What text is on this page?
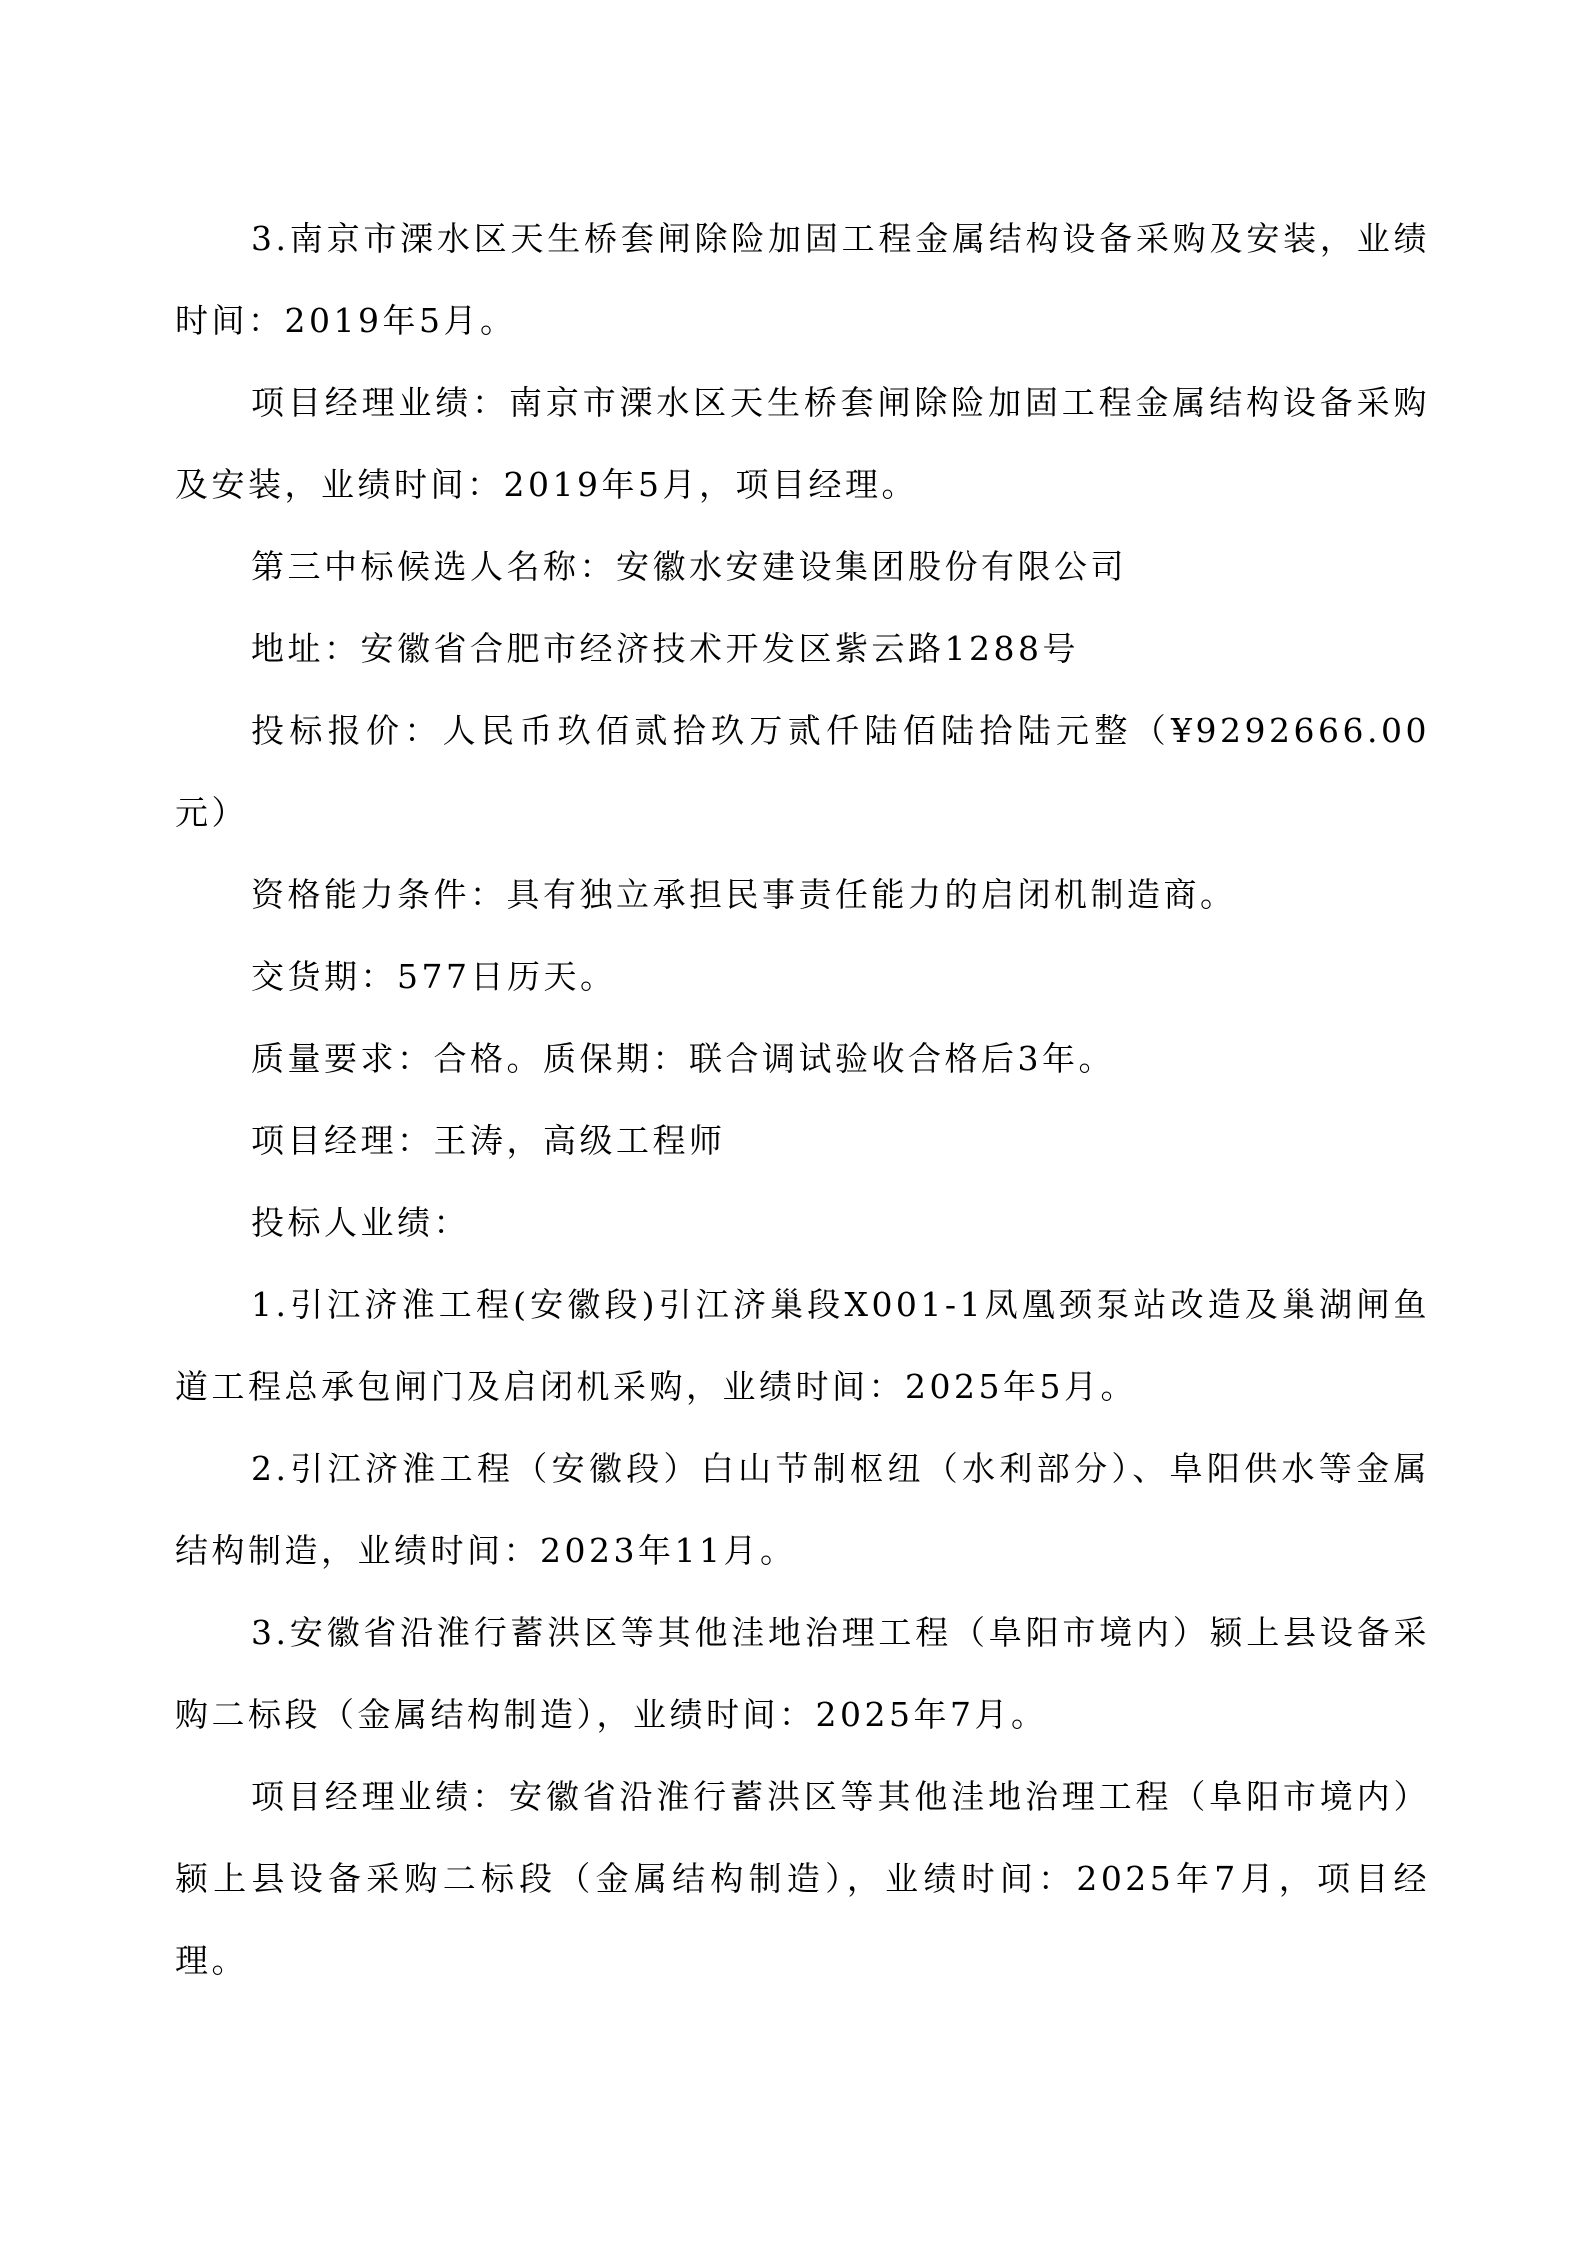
3.南京市溧水区天生桥套闸除险加固工程金属结构设备采购及安装，业绩时间：2019年5月。

项目经理业绩：南京市溧水区天生桥套闸除险加固工程金属结构设备采购及安装，业绩时间：2019年5月，项目经理。

第三中标候选人名称：安徽水安建设集团股份有限公司

地址：安徽省合肥市经济技术开发区紫云路1288号

投标报价：人民币玖佰贰拾玖万贰仟陆佰陆拾陆元整（¥9292666.00元）

资格能力条件：具有独立承担民事责任能力的启闭机制造商。

交货期：577日历天。

质量要求：合格。质保期：联合调试验收合格后3年。

项目经理：王涛，高级工程师

投标人业绩：

1.引江济淮工程(安徽段)引江济巢段X001-1凤凰颈泵站改造及巢湖闸鱼道工程总承包闸门及启闭机采购，业绩时间：2025年5月。

2.引江济淮工程（安徽段）白山节制枢纽（水利部分）、阜阳供水等金属结构制造，业绩时间：2023年11月。

3.安徽省沿淮行蓄洪区等其他洼地治理工程（阜阳市境内）颍上县设备采购二标段（金属结构制造），业绩时间：2025年7月。

项目经理业绩：安徽省沿淮行蓄洪区等其他洼地治理工程（阜阳市境内）颍上县设备采购二标段（金属结构制造），业绩时间：2025年7月，项目经理。
